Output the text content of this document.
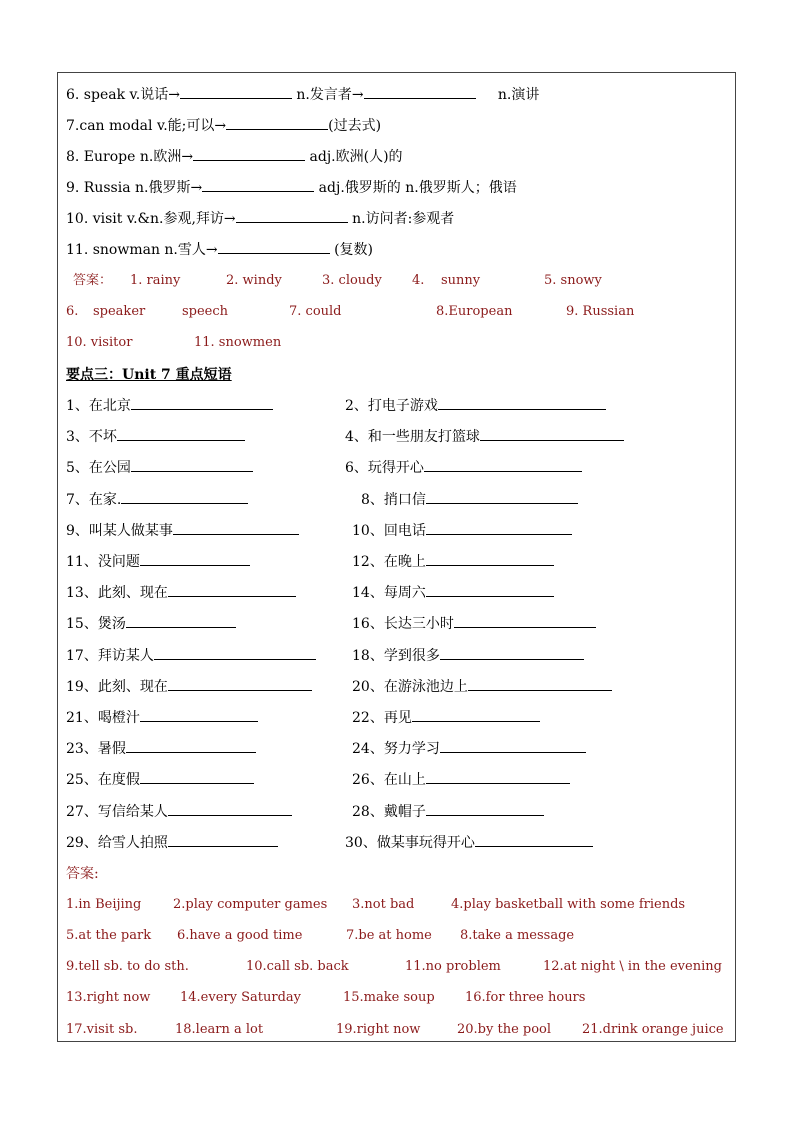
6. speak v.说话→	n.发言者→	n.演讲
7.can modal v.能;可以→	(过去式)
8. Europe n.欧洲→	adj.欧洲(人)的
9. Russia n.俄罗斯→	adj.俄罗斯的 n.俄罗斯人；俄语
10. visit v.&n.参观,拜访→	n.访问者:参观者
11. snowman n.雪人→	(复数)
答案： 1. rainy	2. windy	3. cloudy 4. sunny	5. snowy
6. speaker	speech	7. could	8.European	9. Russian
10. visitor	11. snowmen
要点三：Unit 7 重点短语
1、在北京	2、打电子游戏
3、不坏	4、和一些朋友打篮球
5、在公园	6、玩得开心
7、在家.	8、捎口信
9、叫某人做某事	10、回电话
11、没问题	12、在晚上
13、此刻、现在	14、每周六
15、煲汤	16、长达三小时
17、拜访某人	18、学到很多
19、此刻、现在	20、在游泳池边上
21、喝橙汁	22、再见
23、暑假	24、努力学习
25、在度假	26、在山上
27、写信给某人	28、戴帽子
29、给雪人拍照	30、做某事玩得开心
答案:
1.in Beijing 2.play computer games 3.not bad	4.play basketball with some friends
5.at the park 6.have a good time	7.be at home 8.take a message
9.tell sb. to do sth.	10.call sb. back	11.no problem	12.at night \ in the evening
13.right now 14.every Saturday	15.make soup 16.for three hours
17.visit sb.	18.learn a lot	19.right now	20.by the pool 21.drink orange juice
